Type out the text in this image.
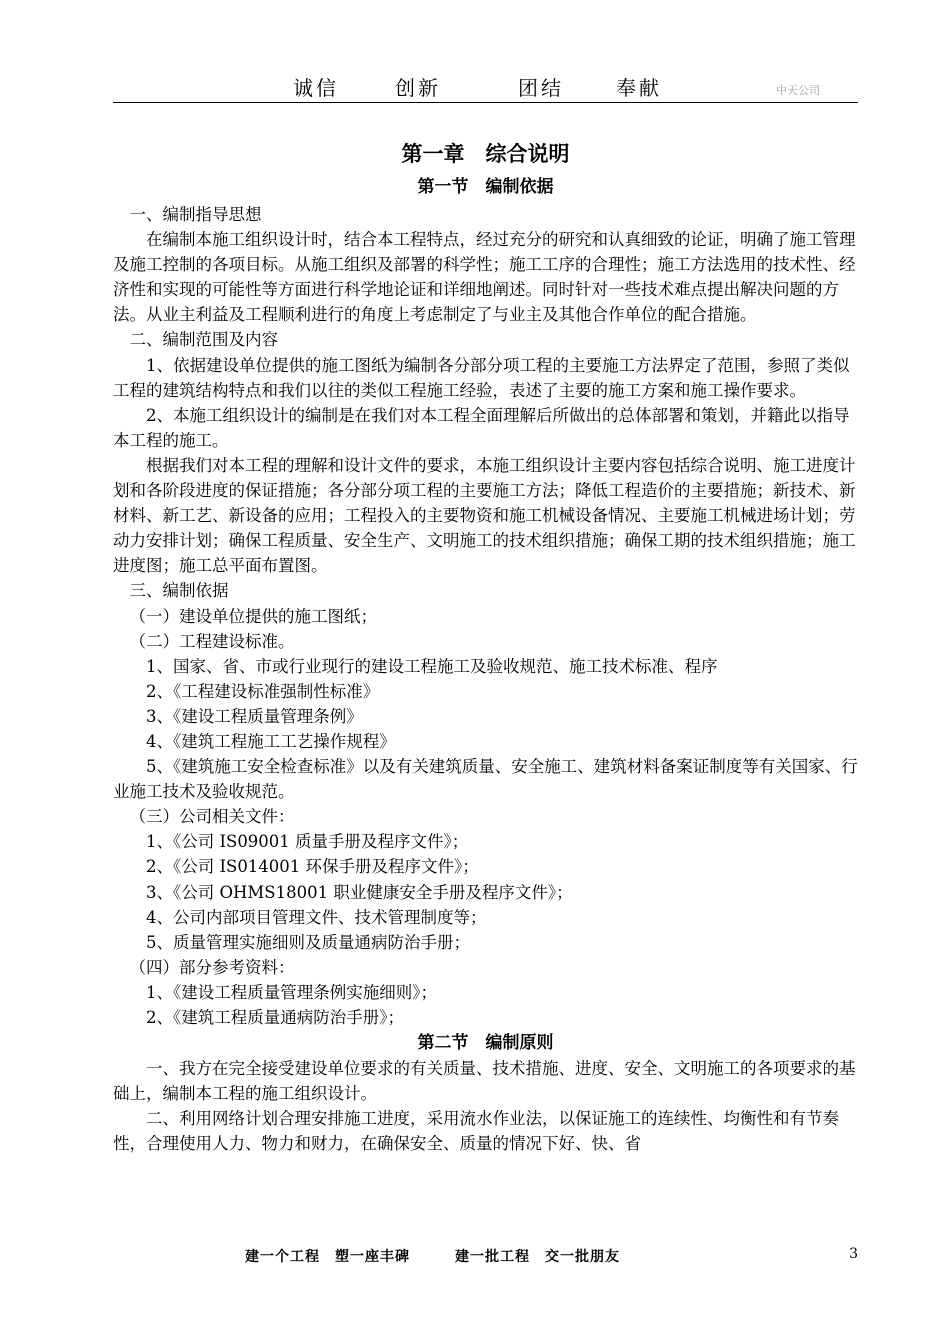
诚信	创新	团结	奉献	中天公司
第一章　综合说明
第一节　编制依据

一、编制指导思想

在编制本施工组织设计时，结合本工程特点，经过充分的研究和认真细致的论证，明确了施工管理及施工控制的各项目标。从施工组织及部署的科学性；施工工序的合理性；施工方法选用的技术性、经济性和实现的可能性等方面进行科学地论证和详细地阐述。同时针对一些技术难点提出解决问题的方法。从业主利益及工程顺利进行的角度上考虑制定了与业主及其他合作单位的配合措施。

二、编制范围及内容

1、依据建设单位提供的施工图纸为编制各分部分项工程的主要施工方法界定了范围，参照了类似工程的建筑结构特点和我们以往的类似工程施工经验，表述了主要的施工方案和施工操作要求。

2、本施工组织设计的编制是在我们对本工程全面理解后所做出的总体部署和策划，并籍此以指导本工程的施工。

根据我们对本工程的理解和设计文件的要求，本施工组织设计主要内容包括综合说明、施工进度计划和各阶段进度的保证措施；各分部分项工程的主要施工方法；降低工程造价的主要措施；新技术、新材料、新工艺、新设备的应用；工程投入的主要物资和施工机械设备情况、主要施工机械进场计划；劳动力安排计划；确保工程质量、安全生产、文明施工的技术组织措施；确保工期的技术组织措施；施工进度图；施工总平面布置图。

三、编制依据

（一）建设单位提供的施工图纸；

（二）工程建设标准。

1、国家、省、市或行业现行的建设工程施工及验收规范、施工技术标准、程序

2、《工程建设标准强制性标准》

3、《建设工程质量管理条例》

4、《建筑工程施工工艺操作规程》

5、《建筑施工安全检查标准》以及有关建筑质量、安全施工、建筑材料备案证制度等有关国家、行业施工技术及验收规范。

（三）公司相关文件：

1、《公司 IS09001 质量手册及程序文件》；

2、《公司 IS014001 环保手册及程序文件》；

3、《公司 OHMS18001 职业健康安全手册及程序文件》；

4、公司内部项目管理文件、技术管理制度等；

5、质量管理实施细则及质量通病防治手册；

（四）部分参考资料：

1、《建设工程质量管理条例实施细则》；

2、《建筑工程质量通病防治手册》；

第二节　编制原则

一、我方在完全接受建设单位要求的有关质量、技术措施、进度、安全、文明施工的各项要求的基础上，编制本工程的施工组织设计。

二、利用网络计划合理安排施工进度，采用流水作业法，以保证施工的连续性、均衡性和有节奏性，合理使用人力、物力和财力，在确保安全、质量的情况下好、快、省

建一个工程　塑一座丰碑　　　建一批工程　交一批朋友	3
